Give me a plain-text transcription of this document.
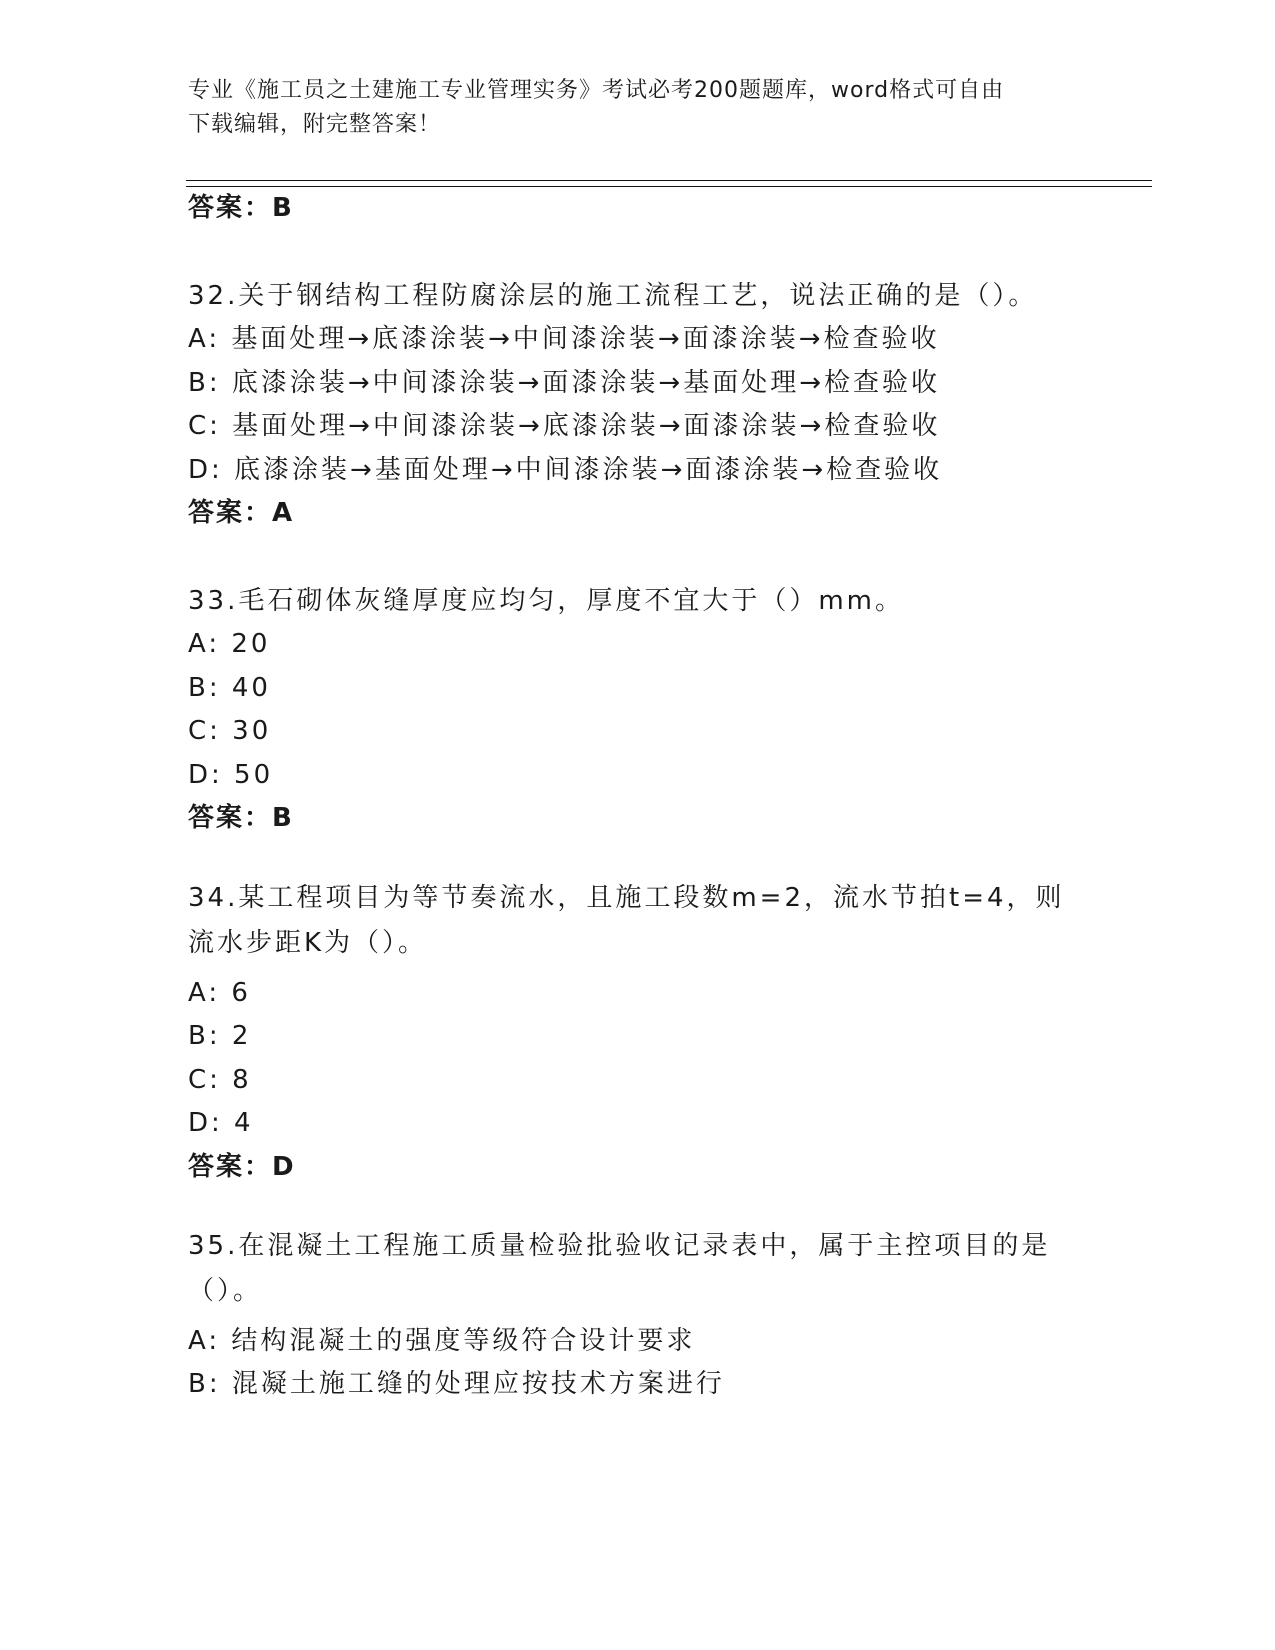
专业《施工员之土建施工专业管理实务》考试必考200题题库，word格式可自由
下载编辑，附完整答案！
答案：B
32.关于钢结构工程防腐涂层的施工流程工艺，说法正确的是（）。
A: 基面处理→底漆涂装→中间漆涂装→面漆涂装→检查验收
B: 底漆涂装→中间漆涂装→面漆涂装→基面处理→检查验收
C: 基面处理→中间漆涂装→底漆涂装→面漆涂装→检查验收
D: 底漆涂装→基面处理→中间漆涂装→面漆涂装→检查验收
答案：A
33.毛石砌体灰缝厚度应均匀，厚度不宜大于（）mm。
A: 20
B: 40
C: 30
D: 50
答案：B
34.某工程项目为等节奏流水，且施工段数m=2，流水节拍t=4，则流水步距K为（）。
A: 6
B: 2
C: 8
D: 4
答案：D
35.在混凝土工程施工质量检验批验收记录表中，属于主控项目的是（）。
A: 结构混凝土的强度等级符合设计要求
B: 混凝土施工缝的处理应按技术方案进行
